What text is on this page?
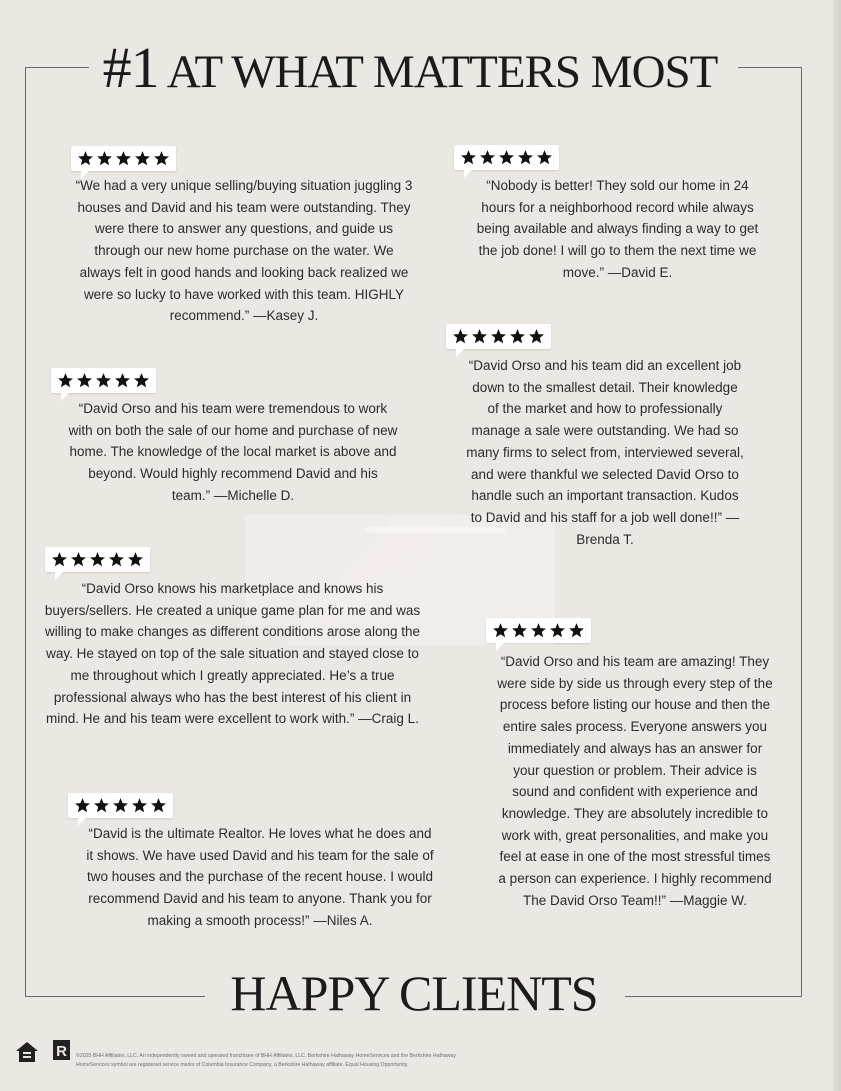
#1 AT WHAT MATTERS MOST

“We had a very unique selling/buying situation juggling 3 houses and David and his team were outstanding. They were there to answer any questions, and guide us through our new home purchase on the water. We always felt in good hands and looking back realized we were so lucky to have worked with this team. HIGHLY recommend.” —Kasey J.

“David Orso and his team were tremendous to work with on both the sale of our home and purchase of new home. The knowledge of the local market is above and beyond. Would highly recommend David and his team.” —Michelle D.

“David Orso knows his marketplace and knows his buyers/sellers. He created a unique game plan for me and was willing to make changes as different conditions arose along the way. He stayed on top of the sale situation and stayed close to me throughout which I greatly appreciated. He’s a true professional always who has the best interest of his client in mind. He and his team were excellent to work with.” —Craig L.

“David is the ultimate Realtor. He loves what he does and it shows. We have used David and his team for the sale of two houses and the purchase of the recent house. I would recommend David and his team to anyone. Thank you for making a smooth process!” —Niles A.

“Nobody is better! They sold our home in 24 hours for a neighborhood record while always being available and always finding a way to get the job done! I will go to them the next time we move.” —David E.

“David Orso and his team did an excellent job down to the smallest detail. Their knowledge of the market and how to professionally manage a sale were outstanding. We had so many firms to select from, interviewed several, and were thankful we selected David Orso to handle such an important transaction. Kudos to David and his staff for a job well done!!” —Brenda T.

“David Orso and his team are amazing! They were side by side us through every step of the process before listing our house and then the entire sales process. Everyone answers you immediately and always has an answer for your question or problem. Their advice is sound and confident with experience and knowledge. They are absolutely incredible to work with, great personalities, and make you feel at ease in one of the most stressful times a person can experience. I highly recommend The David Orso Team!!” —Maggie W.

HAPPY CLIENTS
R ©2025 BHH Affiliates, LLC. An independently owned and operated franchisee of BHH Affiliates, LLC. Berkshire Hathaway HomeServices and the Berkshire Hathaway HomeServices symbol are registered service marks of Columbia Insurance Company, a Berkshire Hathaway affiliate. Equal Housing Opportunity.
